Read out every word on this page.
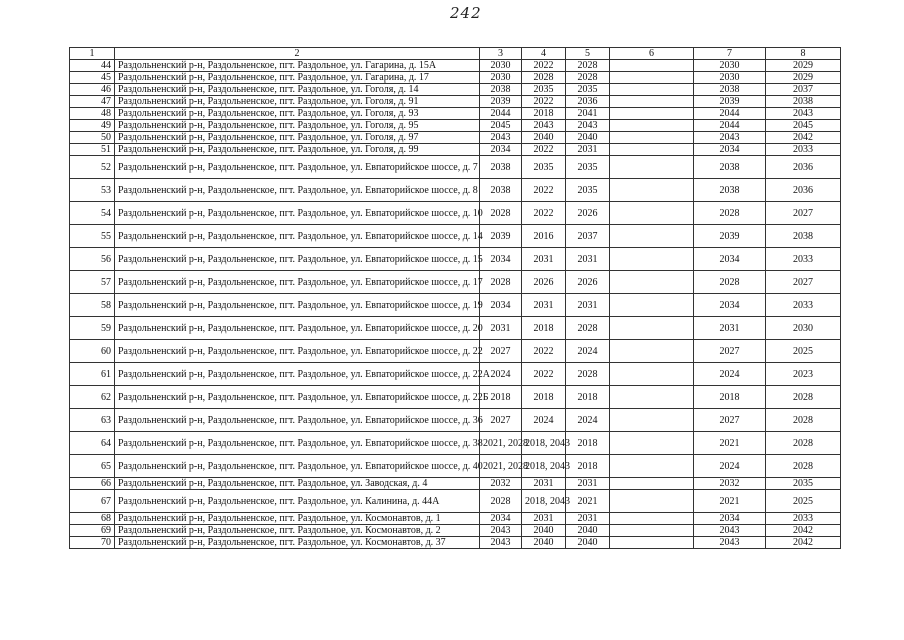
242
1	2	3	4	5	6	7	8
44	Раздольненский р-н, Раздольненское, пгт. Раздольное, ул. Гагарина, д. 15А	2030	2022	2028		2030	2029
45	Раздольненский р-н, Раздольненское, пгт. Раздольное, ул. Гагарина, д. 17	2030	2028	2028		2030	2029
46	Раздольненский р-н, Раздольненское, пгт. Раздольное, ул. Гоголя, д. 14	2038	2035	2035		2038	2037
47	Раздольненский р-н, Раздольненское, пгт. Раздольное, ул. Гоголя, д. 91	2039	2022	2036		2039	2038
48	Раздольненский р-н, Раздольненское, пгт. Раздольное, ул. Гоголя, д. 93	2044	2018	2041		2044	2043
49	Раздольненский р-н, Раздольненское, пгт. Раздольное, ул. Гоголя, д. 95	2045	2043	2043		2044	2045
50	Раздольненский р-н, Раздольненское, пгт. Раздольное, ул. Гоголя, д. 97	2043	2040	2040		2043	2042
51	Раздольненский р-н, Раздольненское, пгт. Раздольное, ул. Гоголя, д. 99	2034	2022	2031		2034	2033
52	Раздольненский р-н, Раздольненское, пгт. Раздольное, ул. Евпаторийское шоссе, д. 7	2038	2035	2035		2038	2036
53	Раздольненский р-н, Раздольненское, пгт. Раздольное, ул. Евпаторийское шоссе, д. 8	2038	2022	2035		2038	2036
54	Раздольненский р-н, Раздольненское, пгт. Раздольное, ул. Евпаторийское шоссе, д. 10	2028	2022	2026		2028	2027
55	Раздольненский р-н, Раздольненское, пгт. Раздольное, ул. Евпаторийское шоссе, д. 14	2039	2016	2037		2039	2038
56	Раздольненский р-н, Раздольненское, пгт. Раздольное, ул. Евпаторийское шоссе, д. 15	2034	2031	2031		2034	2033
57	Раздольненский р-н, Раздольненское, пгт. Раздольное, ул. Евпаторийское шоссе, д. 17	2028	2026	2026		2028	2027
58	Раздольненский р-н, Раздольненское, пгт. Раздольное, ул. Евпаторийское шоссе, д. 19	2034	2031	2031		2034	2033
59	Раздольненский р-н, Раздольненское, пгт. Раздольное, ул. Евпаторийское шоссе, д. 20	2031	2018	2028		2031	2030
60	Раздольненский р-н, Раздольненское, пгт. Раздольное, ул. Евпаторийское шоссе, д. 22	2027	2022	2024		2027	2025
61	Раздольненский р-н, Раздольненское, пгт. Раздольное, ул. Евпаторийское шоссе, д. 22А	2024	2022	2028		2024	2023
62	Раздольненский р-н, Раздольненское, пгт. Раздольное, ул. Евпаторийское шоссе, д. 22Б	2018	2018	2018		2018	2028
63	Раздольненский р-н, Раздольненское, пгт. Раздольное, ул. Евпаторийское шоссе, д. 36	2027	2024	2024		2027	2028
64	Раздольненский р-н, Раздольненское, пгт. Раздольное, ул. Евпаторийское шоссе, д. 38	2021, 2028	2018, 2043	2018		2021	2028
65	Раздольненский р-н, Раздольненское, пгт. Раздольное, ул. Евпаторийское шоссе, д. 40	2021, 2028	2018, 2043	2018		2024	2028
66	Раздольненский р-н, Раздольненское, пгт. Раздольное, ул. Заводская, д. 4	2032	2031	2031		2032	2035
67	Раздольненский р-н, Раздольненское, пгт. Раздольное, ул. Калинина, д. 44А	2028	2018, 2043	2021		2021	2025
68	Раздольненский р-н, Раздольненское, пгт. Раздольное, ул. Космонавтов, д. 1	2034	2031	2031		2034	2033
69	Раздольненский р-н, Раздольненское, пгт. Раздольное, ул. Космонавтов, д. 2	2043	2040	2040		2043	2042
70	Раздольненский р-н, Раздольненское, пгт. Раздольное, ул. Космонавтов, д. 37	2043	2040	2040		2043	2042
